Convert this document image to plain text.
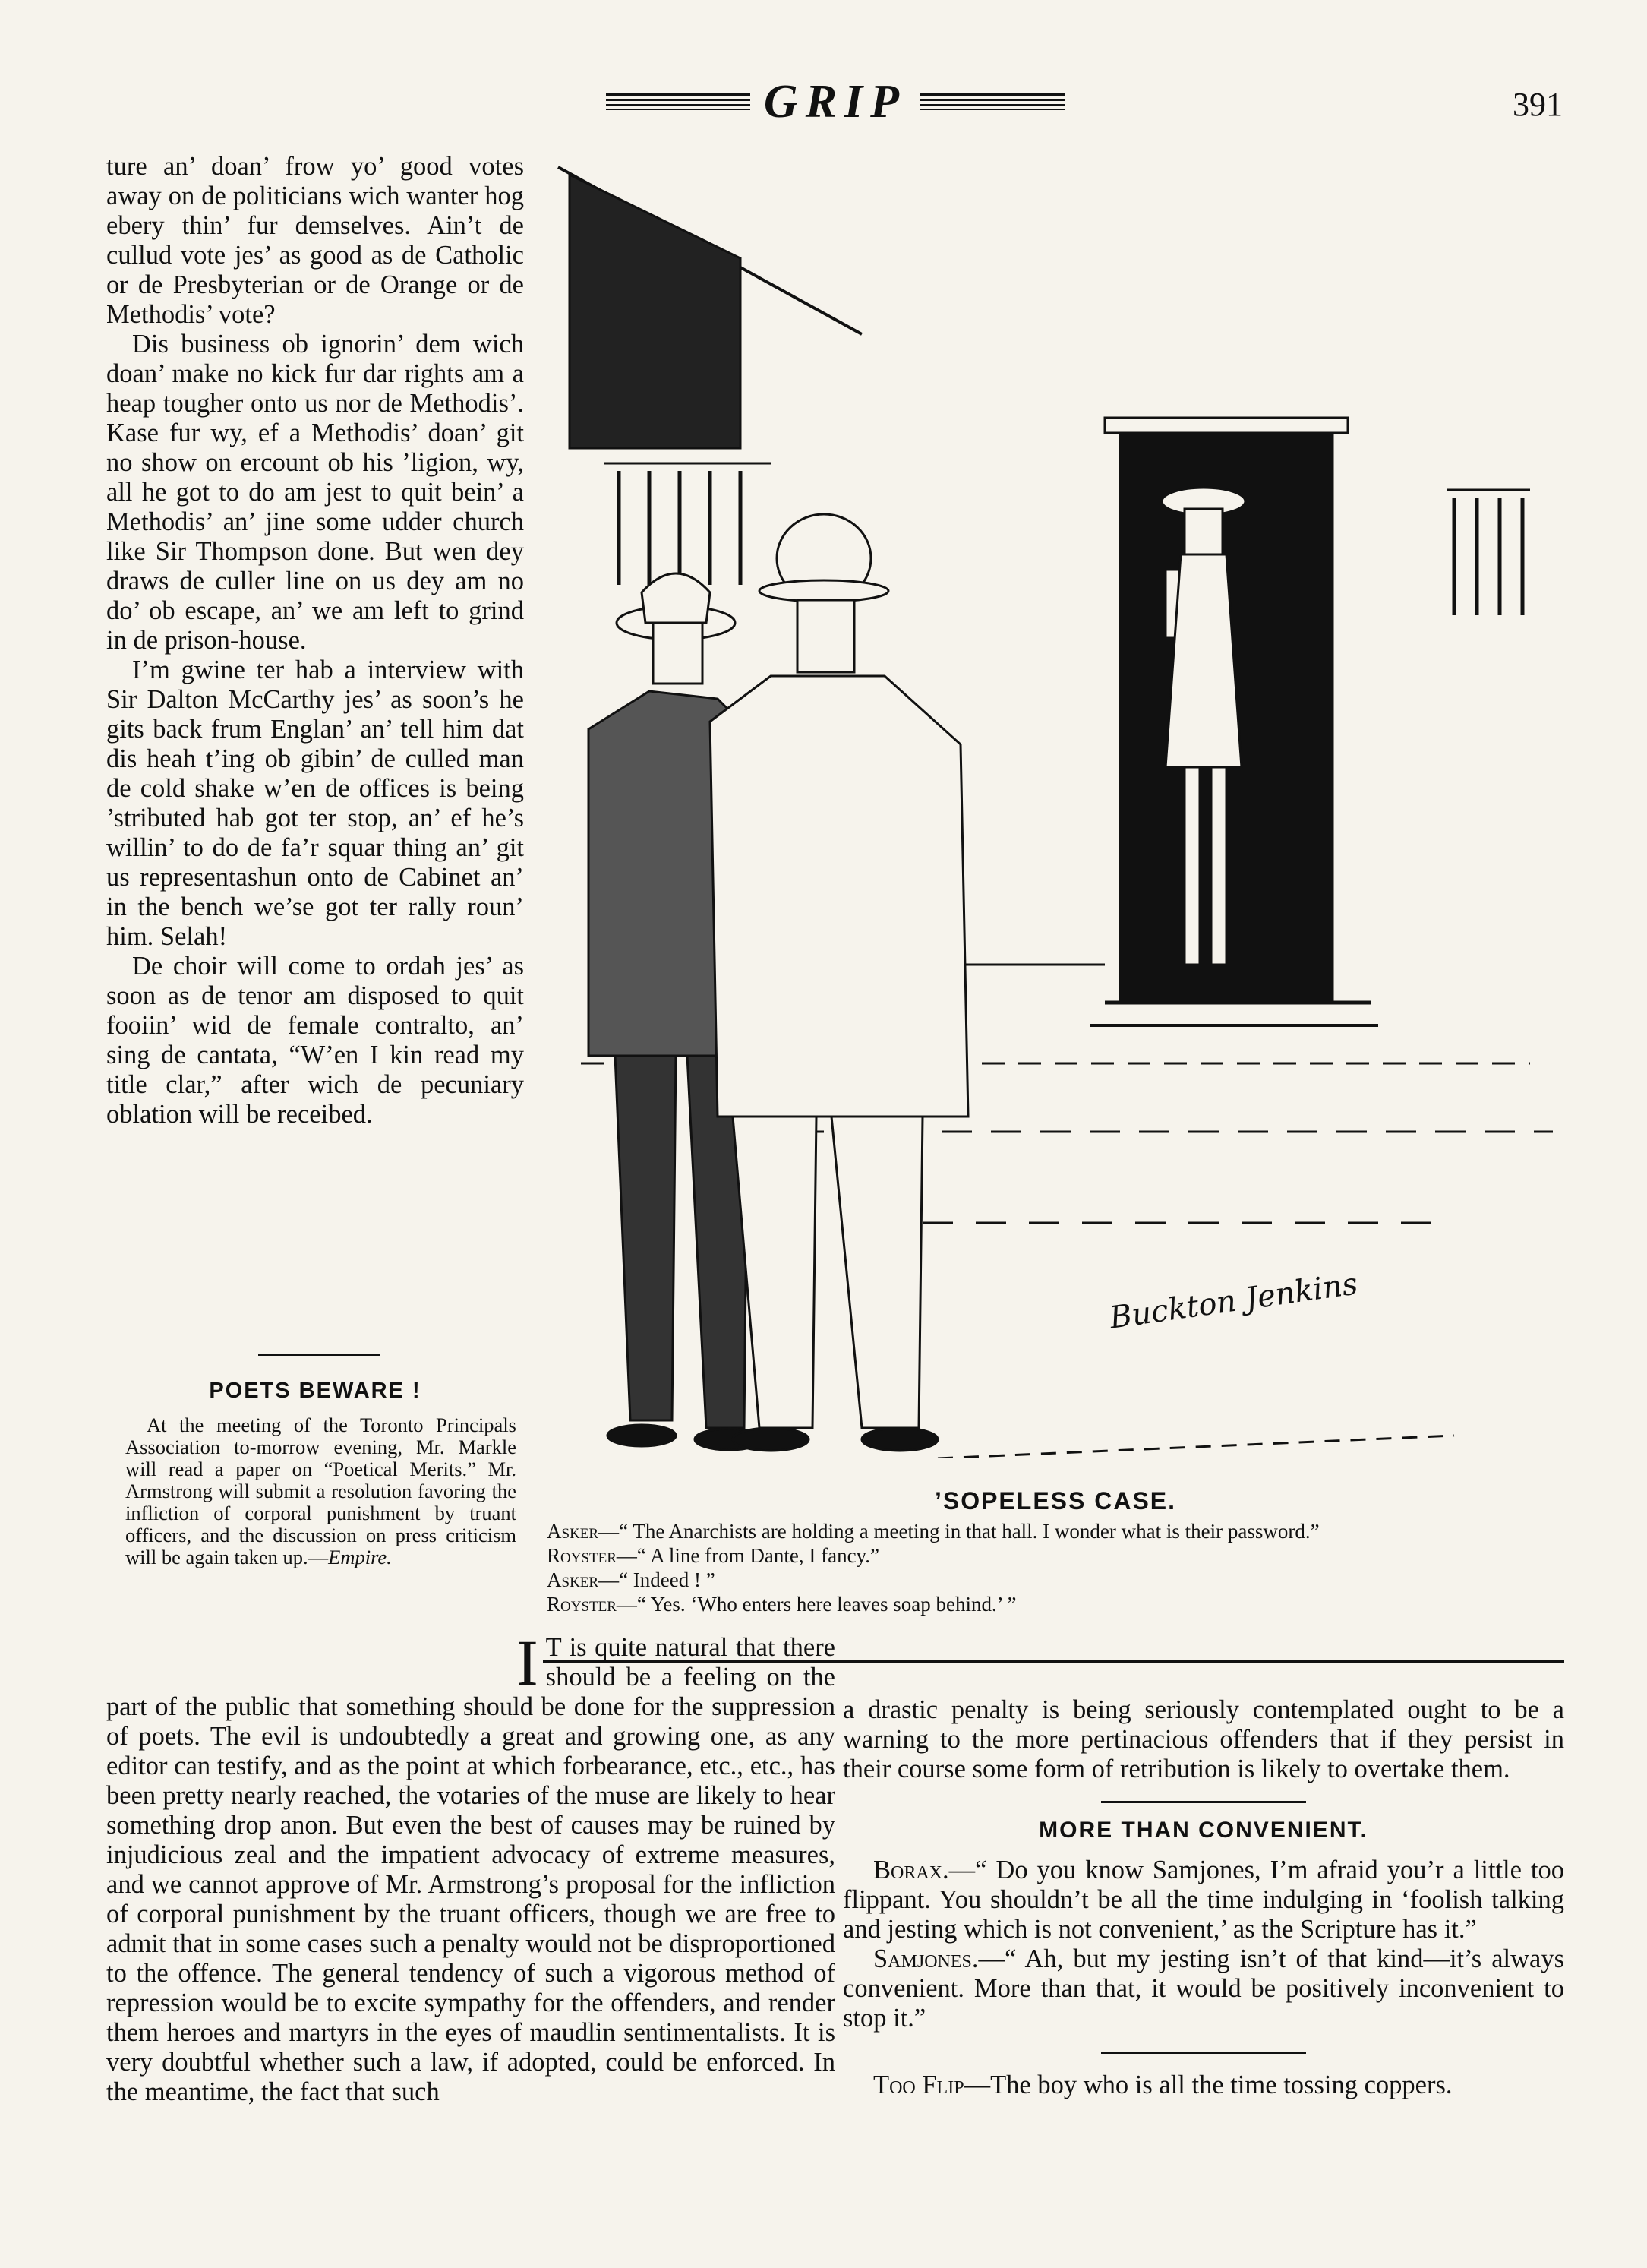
GRIP	391

ture an’ doan’ frow yo’ good votes away on de politicians wich wanter hog ebery thin’ fur demselves. Ain’t de cullud vote jes’ as good as de Catholic or de Presbyterian or de Orange or de Methodis’ vote?

Dis business ob ignorin’ dem wich doan’ make no kick fur dar rights am a heap tougher onto us nor de Methodis’. Kase fur wy, ef a Methodis’ doan’ git no show on ercount ob his ’ligion, wy, all he got to do am jest to quit bein’ a Methodis’ an’ jine some udder church like Sir Thompson done. But wen dey draws de culler line on us dey am no do’ ob escape, an’ we am left to grind in de prison-house.

I’m gwine ter hab a interview with Sir Dalton McCarthy jes’ as soon’s he gits back frum Englan’ an’ tell him dat dis heah t’ing ob gibin’ de culled man de cold shake w’en de offices is being ’stributed hab got ter stop, an’ ef he’s willin’ to do de fa’r squar thing an’ git us representashun onto de Cabinet an’ in the bench we’se got ter rally roun’ him. Selah!

De choir will come to ordah jes’ as soon as de tenor am disposed to quit fooiin’ wid de female contralto, an’ sing de cantata, “W’en I kin read my title clar,” after wich de pecuniary oblation will be receibed.

POETS BEWARE !

At the meeting of the Toronto Principals Association to-morrow evening, Mr. Markle will read a paper on “Poetical Merits.” Mr. Armstrong will submit a resolution favoring the infliction of corporal punishment by truant officers, and the discussion on press criticism will be again taken up.—Empire.

Buckton Jenkins
’SOPELESS CASE.
Asker—“ The Anarchists are holding a meeting in that hall. I wonder what is their password.”
Royster—“ A line from Dante, I fancy.”
Asker—“ Indeed ! ”
Royster—“ Yes. ‘Who enters here leaves soap behind.’ ”
I T is quite natural that there should be a feeling on the part of the public that something should be done for the suppression of poets. The evil is undoubtedly a great and growing one, as any editor can testify, and as the point at which forbearance, etc., etc., has been pretty nearly reached, the votaries of the muse are likely to hear something drop anon. But even the best of causes may be ruined by injudicious zeal and the impatient advocacy of extreme measures, and we cannot approve of Mr. Armstrong’s proposal for the infliction of corporal punishment by the truant officers, though we are free to admit that in some cases such a penalty would not be disproportioned to the offence. The general tendency of such a vigorous method of repression would be to excite sympathy for the offenders, and render them heroes and martyrs in the eyes of maudlin sentimentalists. It is very doubtful whether such a law, if adopted, could be enforced. In the meantime, the fact that such

a drastic penalty is being seriously contemplated ought to be a warning to the more pertinacious offenders that if they persist in their course some form of retribution is likely to overtake them.

MORE THAN CONVENIENT.

Borax.—“ Do you know Samjones, I’m afraid you’r a little too flippant. You shouldn’t be all the time indulging in ‘foolish talking and jesting which is not convenient,’ as the Scripture has it.”

Samjones.—“ Ah, but my jesting isn’t of that kind—it’s always convenient. More than that, it would be positively inconvenient to stop it.”

Too Flip—The boy who is all the time tossing coppers.
